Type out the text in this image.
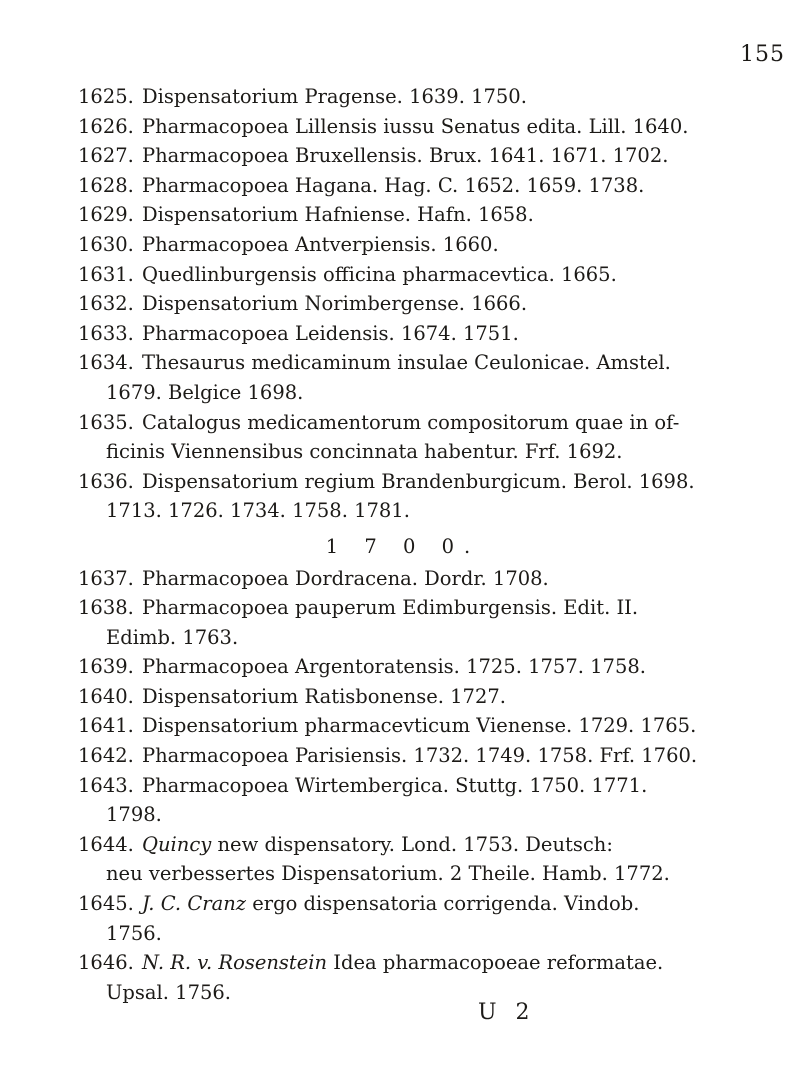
155
1625. Dispensatorium Pragense. 1639. 1750.
1626. Pharmacopoea Lillensis iussu Senatus edita. Lill. 1640.
1627. Pharmacopoea Bruxellensis. Brux. 1641. 1671. 1702.
1628. Pharmacopoea Hagana. Hag. C. 1652. 1659. 1738.
1629. Dispensatorium Hafniense. Hafn. 1658.
1630. Pharmacopoea Antverpiensis. 1660.
1631. Quedlinburgensis officina pharmacevtica. 1665.
1632. Dispensatorium Norimbergense. 1666.
1633. Pharmacopoea Leidensis. 1674. 1751.
1634. Thesaurus medicaminum insulae Ceulonicae. Amstel.
1679. Belgice 1698.
1635. Catalogus medicamentorum compositorum quae in of-
ficinis Viennensibus concinnata habentur. Frf. 1692.
1636. Dispensatorium regium Brandenburgicum. Berol. 1698.
1713. 1726. 1734. 1758. 1781.
1 7 0 0.
1637. Pharmacopoea Dordracena. Dordr. 1708.
1638. Pharmacopoea pauperum Edimburgensis. Edit. II.
Edimb. 1763.
1639. Pharmacopoea Argentoratensis. 1725. 1757. 1758.
1640. Dispensatorium Ratisbonense. 1727.
1641. Dispensatorium pharmacevticum Vienense. 1729. 1765.
1642. Pharmacopoea Parisiensis. 1732. 1749. 1758. Frf. 1760.
1643. Pharmacopoea Wirtembergica. Stuttg. 1750. 1771.
1798.
1644. Quincy new dispensatory. Lond. 1753. Deutsch:
neu verbessertes Dispensatorium. 2 Theile. Hamb. 1772.
1645. J. C. Cranz ergo dispensatoria corrigenda. Vindob.
1756.
1646. N. R. v. Rosenstein Idea pharmacopoeae reformatae.
Upsal. 1756.
U 2
